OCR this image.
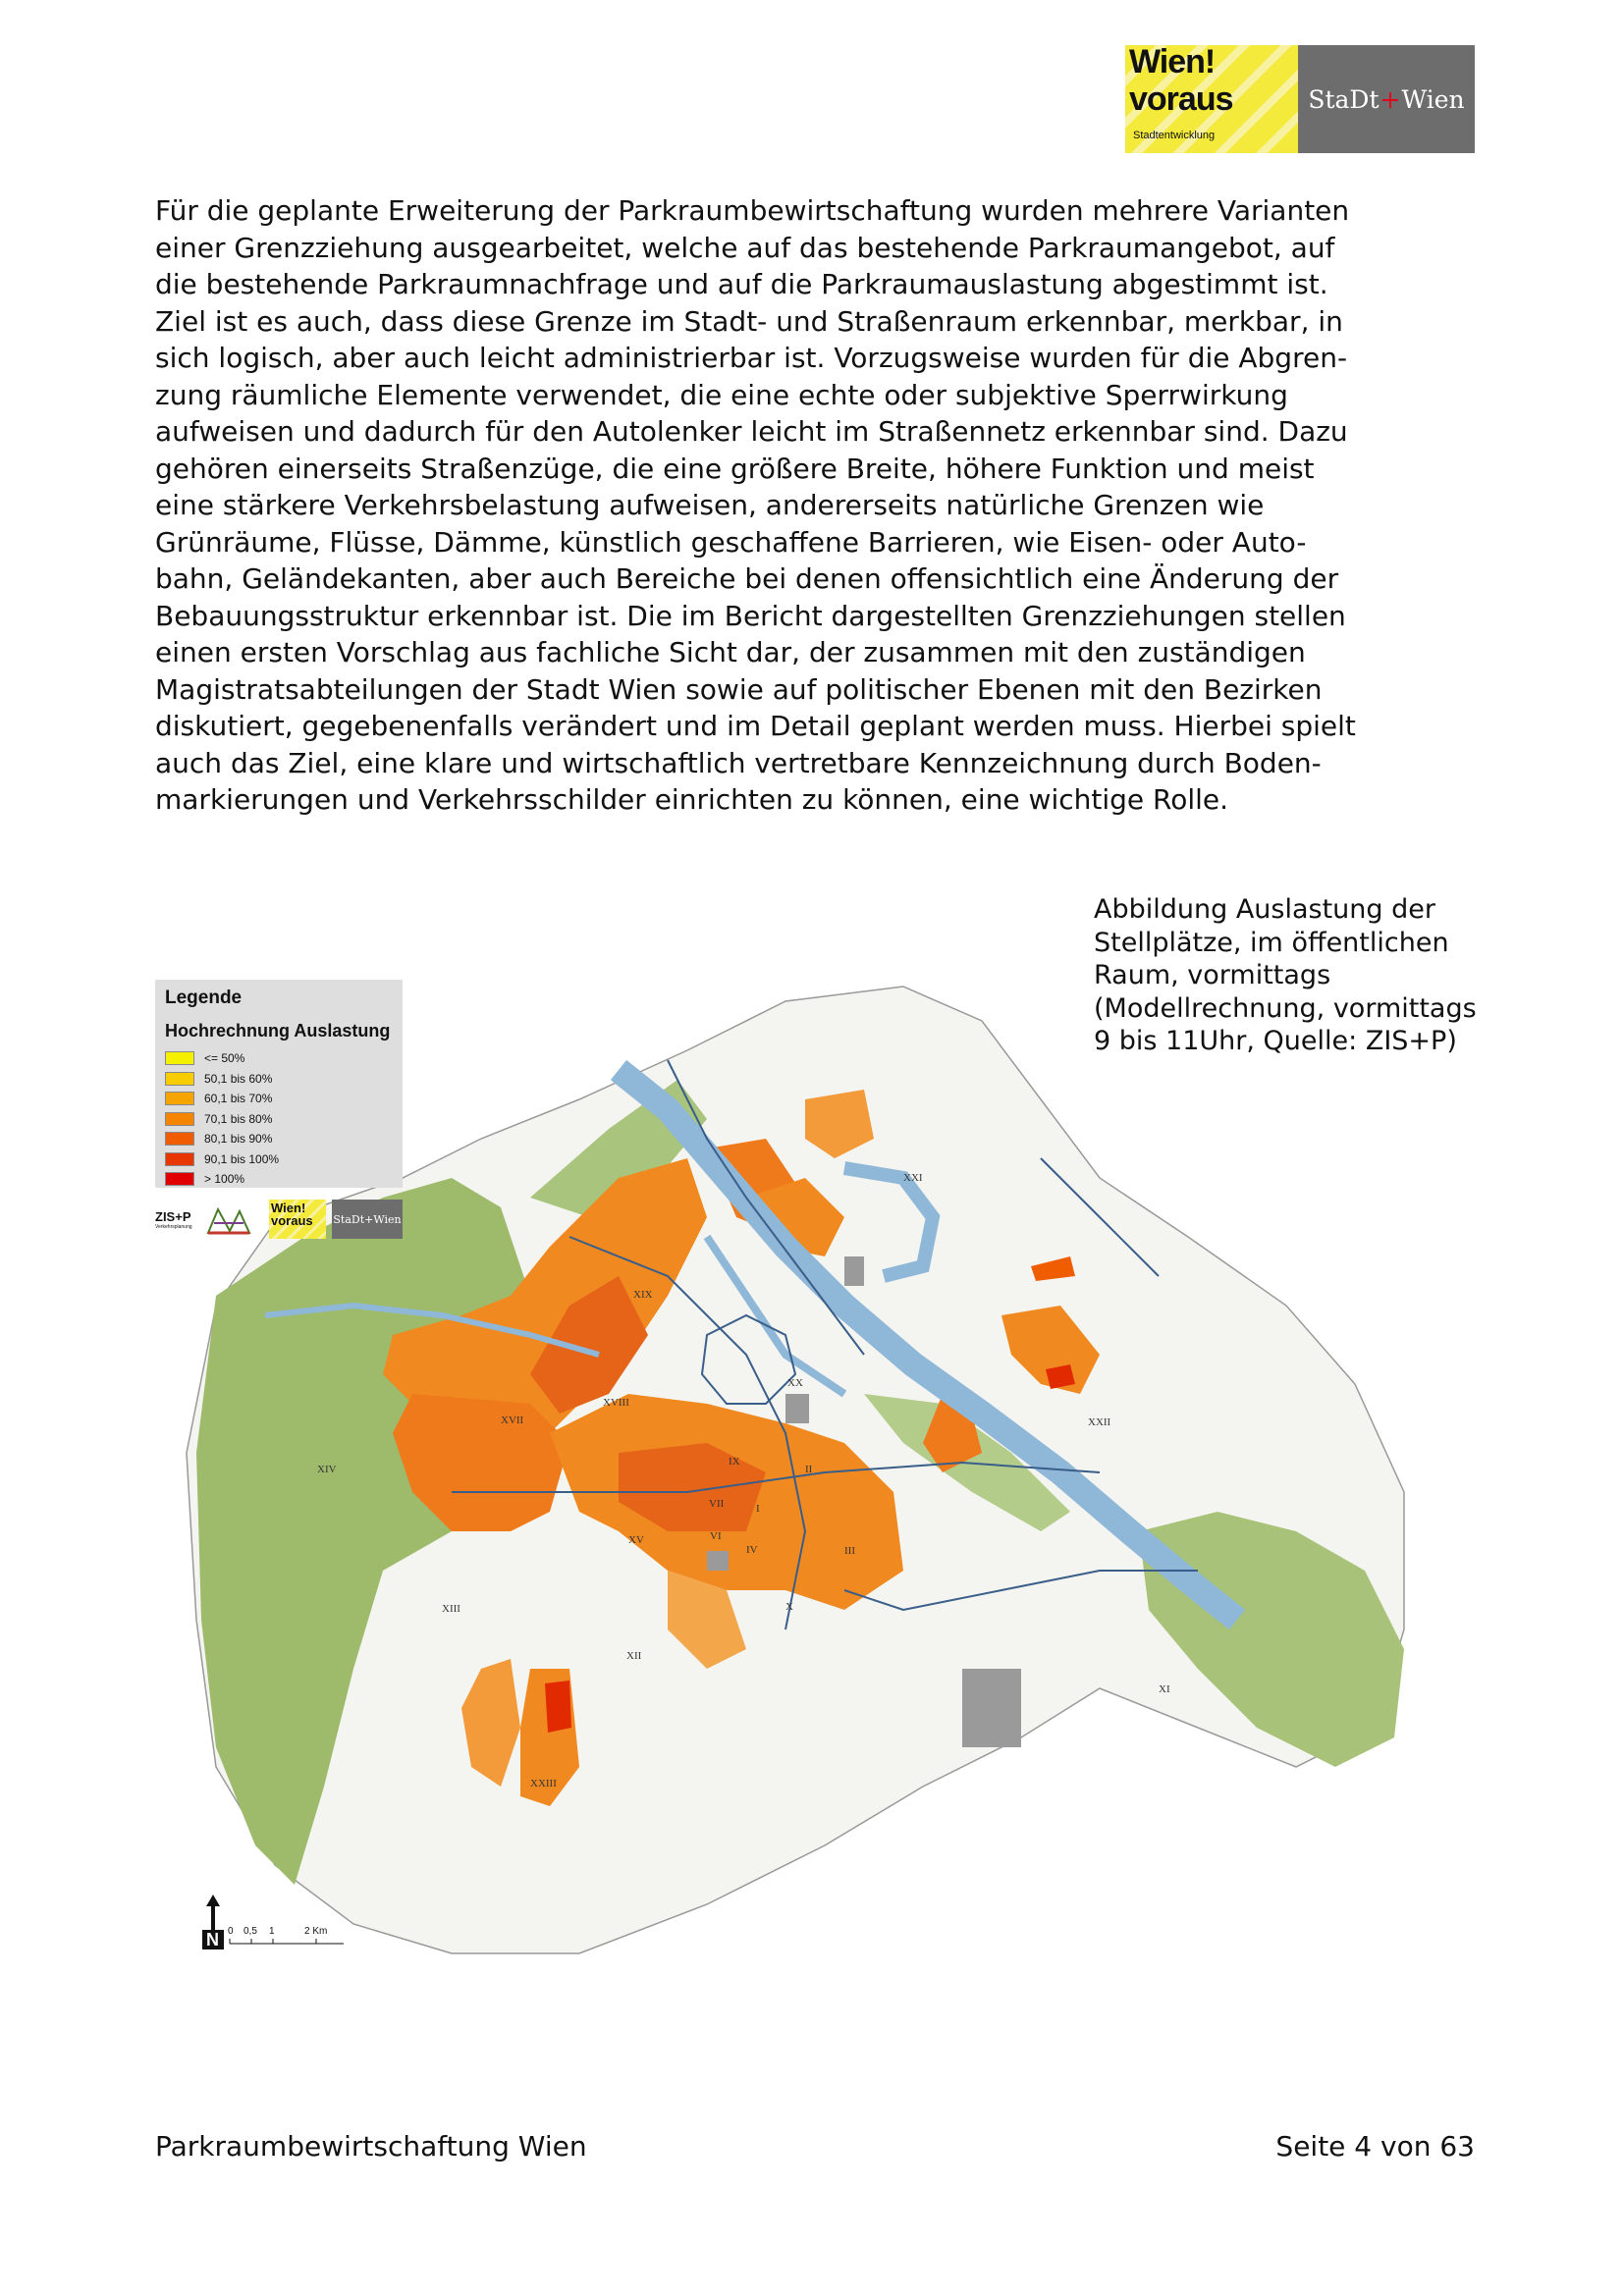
Wien!
voraus
Stadtentwicklung
StaDt + Wien

Für die geplante Erweiterung der Parkraumbewirtschaftung wurden mehrere Varianten
einer Grenzziehung ausgearbeitet, welche auf das bestehende Parkraumangebot, auf
die bestehende Parkraumnachfrage und auf die Parkraumauslastung abgestimmt ist.
Ziel ist es auch, dass diese Grenze im Stadt- und Straßenraum erkennbar, merkbar, in
sich logisch, aber auch leicht administrierbar ist. Vorzugsweise wurden für die Abgren-
zung räumliche Elemente verwendet, die eine echte oder subjektive Sperrwirkung
aufweisen und dadurch für den Autolenker leicht im Straßennetz erkennbar sind. Dazu
gehören einerseits Straßenzüge, die eine größere Breite, höhere Funktion und meist
eine stärkere Verkehrsbelastung aufweisen, andererseits natürliche Grenzen wie
Grünräume, Flüsse, Dämme, künstlich geschaffene Barrieren, wie Eisen- oder Auto-
bahn, Geländekanten, aber auch Bereiche bei denen offensichtlich eine Änderung der
Bebauungsstruktur erkennbar ist. Die im Bericht dargestellten Grenzziehungen stellen
einen ersten Vorschlag aus fachliche Sicht dar, der zusammen mit den zuständigen
Magistratsabteilungen der Stadt Wien sowie auf politischer Ebenen mit den Bezirken
diskutiert, gegebenenfalls verändert und im Detail geplant werden muss. Hierbei spielt
auch das Ziel, eine klare und wirtschaftlich vertretbare Kennzeichnung durch Boden-
markierungen und Verkehrsschilder einrichten zu können, eine wichtige Rolle.

XXI
XIX
XX
XVIII
XVII
XIV
XXII
IX
II
VII	I
XV	VI
IV	III
XIII	X
XII
XI
XXIII
Legende
Hochrechnung Auslastung
<= 50%
50,1 bis 60%
60,1 bis 70%
70,1 bis 80%
80,1 bis 90%
90,1 bis 100%
> 100%
ZIS+P
Verkehrsplanung
Wien!
voraus	StaDt+Wien
N 0 0,5 1	2 Km
Abbildung Auslastung der
Stellplätze, im öffentlichen
Raum, vormittags
(Modellrechnung, vormittags
9 bis 11Uhr, Quelle: ZIS+P)
Parkraumbewirtschaftung Wien	Seite 4 von 63
